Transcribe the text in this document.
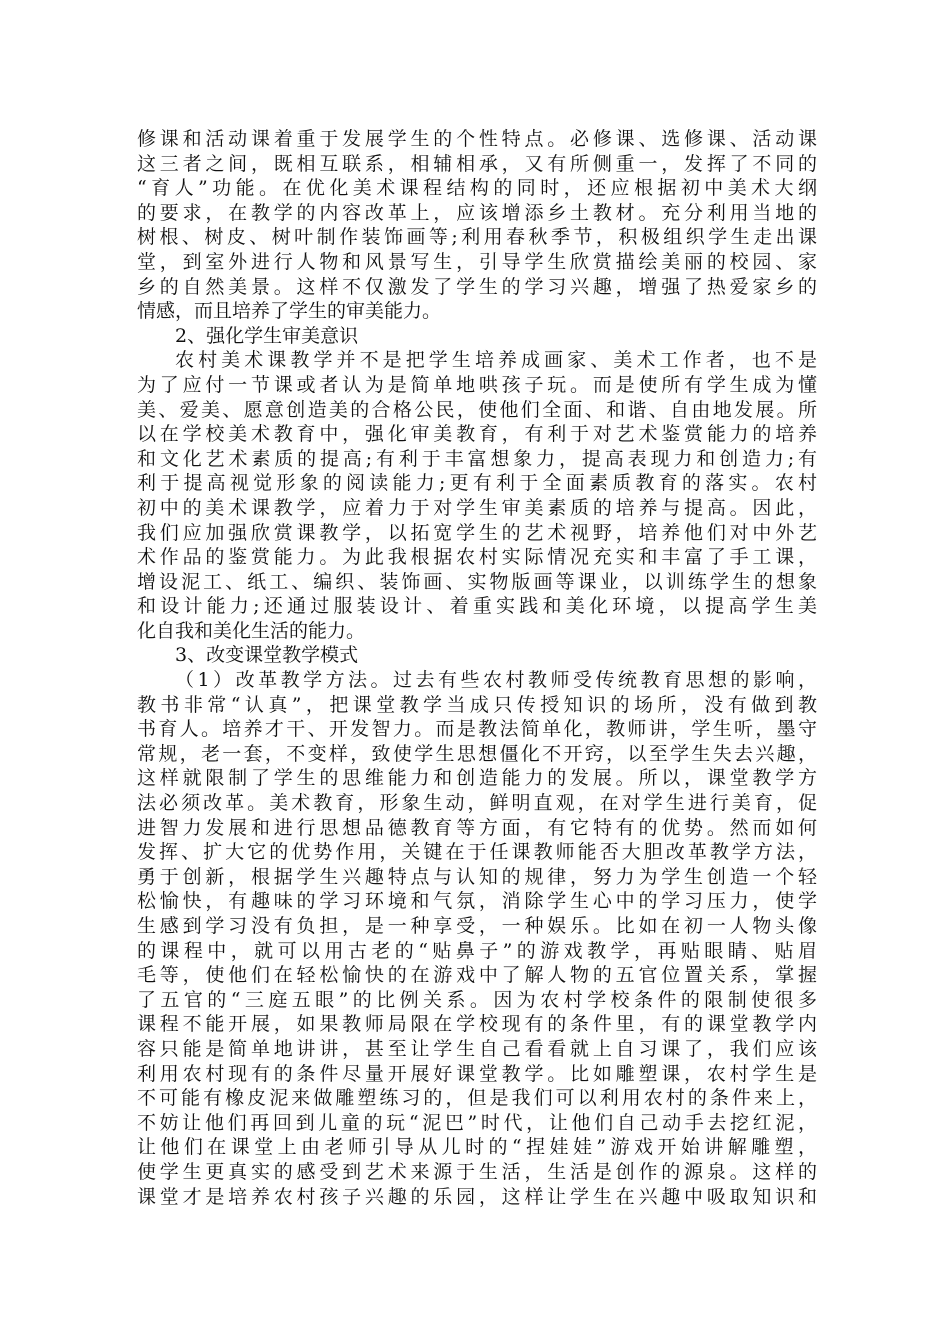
修课和活动课着重于发展学生的个性特点。必修课、选修课、活动课
这三者之间，既相互联系，相辅相承，又有所侧重一，发挥了不同的
“育人”功能。在优化美术课程结构的同时，还应根据初中美术大纲
的要求，在教学的内容改革上，应该增添乡土教材。充分利用当地的
树根、树皮、树叶制作装饰画等;利用春秋季节，积极组织学生走出课
堂，到室外进行人物和风景写生，引导学生欣赏描绘美丽的校园、家
乡的自然美景。这样不仅激发了学生的学习兴趣，增强了热爱家乡的
情感，而且培养了学生的审美能力。
2、强化学生审美意识
农村美术课教学并不是把学生培养成画家、美术工作者，也不是
为了应付一节课或者认为是简单地哄孩子玩。而是使所有学生成为懂
美、爱美、愿意创造美的合格公民，使他们全面、和谐、自由地发展。所
以在学校美术教育中，强化审美教育，有利于对艺术鉴赏能力的培养
和文化艺术素质的提高;有利于丰富想象力，提高表现力和创造力;有
利于提高视觉形象的阅读能力;更有利于全面素质教育的落实。农村
初中的美术课教学，应着力于对学生审美素质的培养与提高。因此，
我们应加强欣赏课教学，以拓宽学生的艺术视野，培养他们对中外艺
术作品的鉴赏能力。为此我根据农村实际情况充实和丰富了手工课，
增设泥工、纸工、编织、装饰画、实物版画等课业，以训练学生的想象
和设计能力;还通过服装设计、着重实践和美化环境，以提高学生美
化自我和美化生活的能力。
3、改变课堂教学模式
（1）改革教学方法。过去有些农村教师受传统教育思想的影响，
教书非常“认真”，把课堂教学当成只传授知识的场所，没有做到教
书育人。培养才干、开发智力。而是教法简单化，教师讲，学生听，墨守
常规，老一套，不变样，致使学生思想僵化不开窍，以至学生失去兴趣，
这样就限制了学生的思维能力和创造能力的发展。所以，课堂教学方
法必须改革。美术教育，形象生动，鲜明直观，在对学生进行美育，促
进智力发展和进行思想品德教育等方面，有它特有的优势。然而如何
发挥、扩大它的优势作用，关键在于任课教师能否大胆改革教学方法，
勇于创新，根据学生兴趣特点与认知的规律，努力为学生创造一个轻
松愉快，有趣味的学习环境和气氛，消除学生心中的学习压力，使学
生感到学习没有负担，是一种享受，一种娱乐。比如在初一人物头像
的课程中，就可以用古老的“贴鼻子”的游戏教学，再贴眼睛、贴眉
毛等，使他们在轻松愉快的在游戏中了解人物的五官位置关系，掌握
了五官的“三庭五眼”的比例关系。因为农村学校条件的限制使很多
课程不能开展，如果教师局限在学校现有的条件里，有的课堂教学内
容只能是简单地讲讲，甚至让学生自己看看就上自习课了，我们应该
利用农村现有的条件尽量开展好课堂教学。比如雕塑课，农村学生是
不可能有橡皮泥来做雕塑练习的，但是我们可以利用农村的条件来上，
不妨让他们再回到儿童的玩“泥巴”时代，让他们自己动手去挖红泥，
让他们在课堂上由老师引导从儿时的“捏娃娃”游戏开始讲解雕塑，
使学生更真实的感受到艺术来源于生活，生活是创作的源泉。这样的
课堂才是培养农村孩子兴趣的乐园，这样让学生在兴趣中吸取知识和
